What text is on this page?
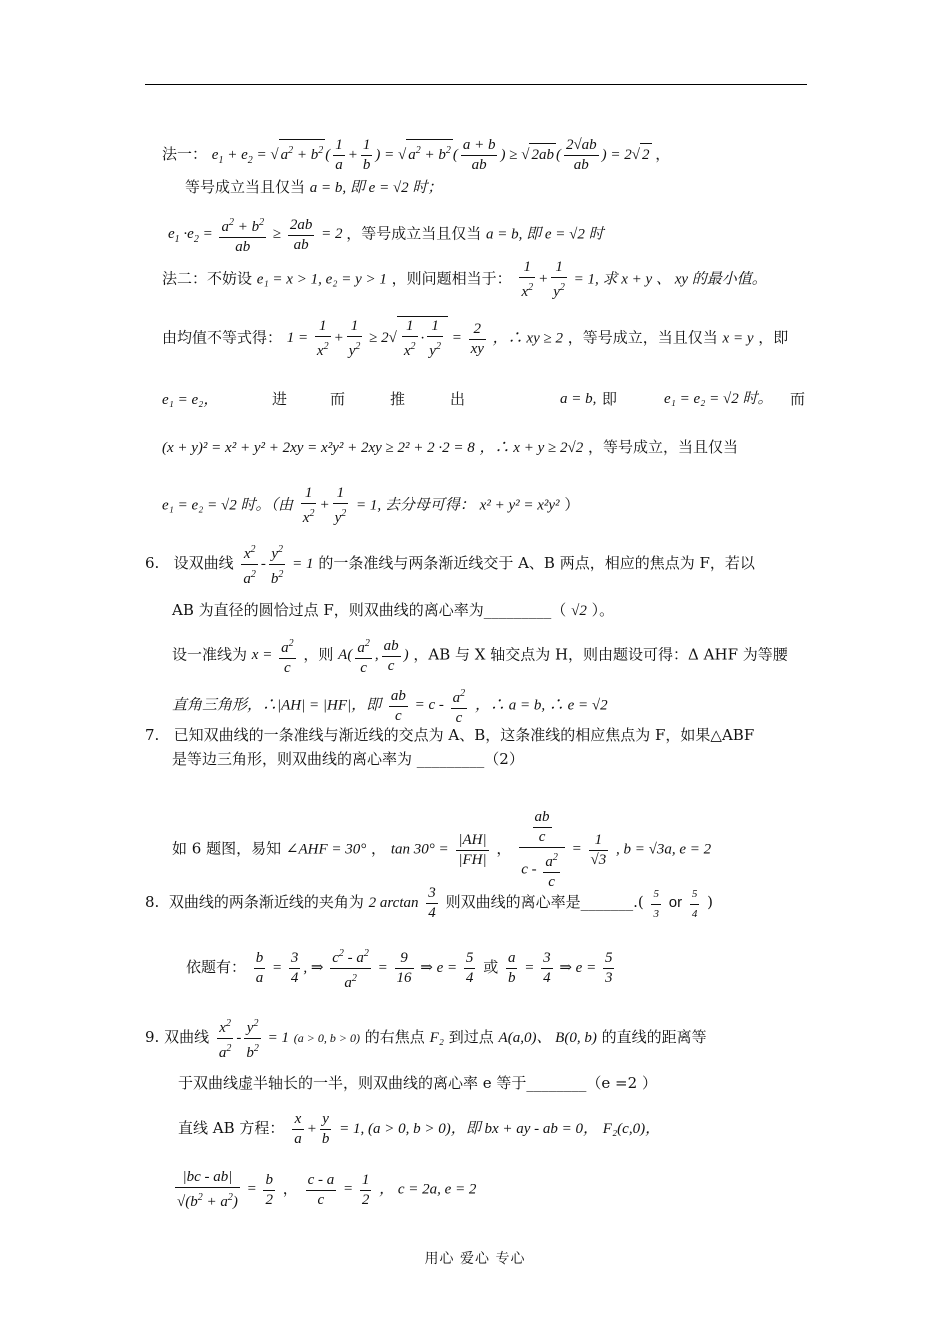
法一： $e_1 + e_2$ = √ $a^2 + b^2$ ( $\frac{1}{a} + \frac{1}{b}$ ) = √ $a^2 + b^2$ ( $\frac{a + b}{ab}$ ) ≥ √ 2ab ( $\frac{2√ab}{ab}$ ) = 2√ 2 ，
等号成立当且仅当 a = b, 即 e = √2 时；
$e_1 \cdot e_2 = \frac{a^2 + b^2}{ab} \ge \frac{2ab}{ab} = 2$ ，等号成立当且仅当 a = b, 即 e = √2 时
法二：不妨设 e₁ = x > 1, e₂ = y > 1 ，则问题相当于： $\frac{1}{x^2} + \frac{1}{y^2} = 1$, 求 x + y 、 xy 的最小值。
由均值不等式得： $1 = \frac{1}{x^2} + \frac{1}{y^2} \ge 2√ \frac{1}{x^2} \cdot \frac{1}{y^2} = \frac{2}{xy}$ ，∴ xy ≥ 2 ，等号成立，当且仅当 x = y ，即
e₁ = e₂，	进	而	推	出	a = b, 即	e₁ = e₂ = √2 时。 而
(x + y)² = x² + y² + 2xy = x²y² + 2xy ≥ 2² + 2 ·2 = 8 ，∴ x + y ≥ 2√2 ，等号成立，当且仅当
e₁ = e₂ = √2 时。（由 $\frac{1}{x^2} + \frac{1}{y^2} = 1$, 去分母可得： x² + y² = x²y² ）
6. 设双曲线 $\frac{x^2}{a^2} - \frac{y^2}{b^2} = 1$ 的一条准线与两条渐近线交于 A、B 两点，相应的焦点为 F，若以
AB 为直径的圆恰过点 F，则双曲线的离心率为_________（ √2 ）。
设一准线为 $x = \frac{a^2}{c}$ ，则 $A( \frac{a^2}{c}$ , $\frac{ab}{c}$ ) ，AB 与 X 轴交点为 H，则由题设可得：Δ AHF 为等腰
直角三角形，∴|AH| = |HF|，即 $\frac{ab}{c} = c - \frac{a^2}{c}$ ，∴ a = b, ∴ e = √2
7. 已知双曲线的一条准线与渐近线的交点为 A、B，这条准线的相应焦点为 F，如果△ABF
是等边三角形，则双曲线的离心率为 _________（2）
如 6 题图，易知 ∠AHF = 30° ， $\tan 30^\circ = \frac{|AH|}{|FH|}$ ， $\frac{\frac{ab}{c}}{c - \frac{a^2}{c}} = \frac{1}{√3}$ , b = √3a, e = 2
8. 双曲线的两条渐近线的夹角为 2 $\arctan \frac{3}{4}$ 则双曲线的离心率是_______.( $\frac{5}{3}$ or $\frac{5}{4}$ )
依题有： $\frac{b}{a} = \frac{3}{4}$ , ⇒ $\frac{c^2 - a^2}{a^2} = \frac{9}{16}$ ⇒ $e = \frac{5}{4}$ 或 $\frac{a}{b} = \frac{3}{4}$ ⇒ $e = \frac{5}{3}$
9. 双曲线 $\frac{x^2}{a^2} - \frac{y^2}{b^2} = 1$ (a > 0, b > 0) 的右焦点 F₂ 到过点 A(a,0)、 B(0, b) 的直线的距离等
于双曲线虚半轴长的一半，则双曲线的离心率 e 等于________（e =2 ）
直线 AB 方程： $\frac{x}{a} + \frac{y}{b} = 1$, (a > 0, b > 0)，即 bx + ay - ab = 0， F₂(c,0)，
$\frac{|bc - ab|}{√(b^2 + a^2)} = \frac{b}{2}$ ， $\frac{c - a}{c} = \frac{1}{2}$ ， c = 2a, e = 2
用心 爱心 专心
